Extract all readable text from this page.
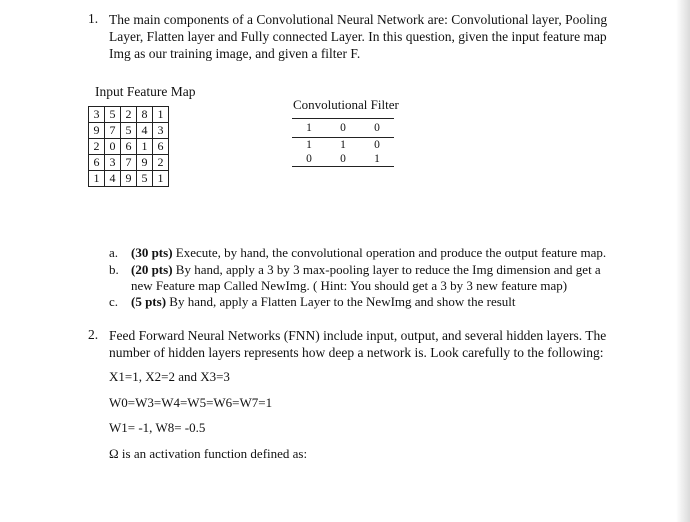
1. The main components of a Convolutional Neural Network are: Convolutional layer, Pooling
Layer, Flatten layer and Fully connected Layer. In this question, given the input feature map
Img as our training image, and given a filter F.
Input Feature Map
3	5	2	8	1
9	7	5	4	3
2	0	6	1	6
6	3	7	9	2
1	4	9	5	1
Convolutional Filter
1	0	0
1	1	0
0	0	1
a. (30 pts) Execute, by hand, the convolutional operation and produce the output feature map.
b. (20 pts) By hand, apply a 3 by 3 max-pooling layer to reduce the Img dimension and get a
new Feature map Called NewImg. ( Hint: You should get a 3 by 3 new feature map)
c. (5 pts) By hand, apply a Flatten Layer to the NewImg and show the result
2. Feed Forward Neural Networks (FNN) include input, output, and several hidden layers. The
number of hidden layers represents how deep a network is. Look carefully to the following:
X1=1, X2=2 and X3=3
W0=W3=W4=W5=W6=W7=1
W1= -1, W8= -0.5
Ω is an activation function defined as:
